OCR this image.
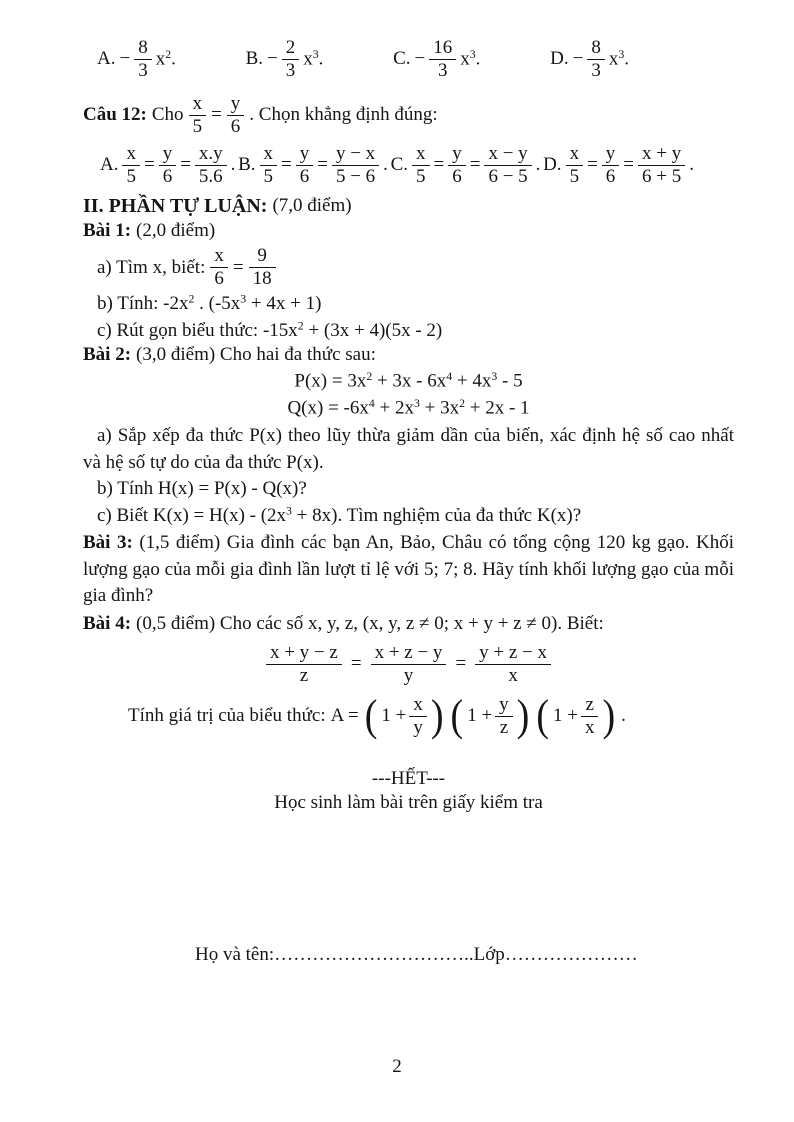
A. − $\frac{8}{3} x^2$.	B. − $\frac{2}{3} x^3$.	C. − $\frac{16}{3} x^3$.	D. − $\frac{8}{3} x^3$.
Câu 12: Cho $\frac{x}{5} = \frac{y}{6}$ . Chọn khẳng định đúng:
A. $\frac{x}{5} = \frac{y}{6} = \frac{x.y}{5.6}$ . B. $\frac{x}{5} = \frac{y}{6} = \frac{y - x}{5 - 6}$ . C. $\frac{x}{5} = \frac{y}{6} = \frac{x - y}{6 - 5}$ . D. $\frac{x}{5} = \frac{y}{6} = \frac{x + y}{6 + 5}$ .
II. PHẦN TỰ LUẬN: (7,0 điểm)
Bài 1: (2,0 điểm)
a) Tìm x, biết: $\frac{x}{6} = \frac{9}{18}$
b) Tính: $-2x^2$ . $(-5x^3 + 4x + 1)$
c) Rút gọn biểu thức: $-15x^2 + (3x + 4)(5x - 2)$
Bài 2: (3,0 điểm) Cho hai đa thức sau:
$P(x) = 3x^2 + 3x - 6x^4 + 4x^3 - 5$
$Q(x) = -6x^4 + 2x^3 + 3x^2 + 2x - 1$
a) Sắp xếp đa thức P(x) theo lũy thừa giảm dần của biến, xác định hệ số cao nhất
và hệ số tự do của đa thức P(x).
b) Tính H(x) = P(x) - Q(x)?
c) Biết $K(x) = H(x) - (2x^3 + 8x)$. Tìm nghiệm của đa thức K(x)?
Bài 3: (1,5 điểm) Gia đình các bạn An, Bảo, Châu có tổng cộng 120 kg gạo. Khối
lượng gạo của mỗi gia đình lần lượt tỉ lệ với 5; 7; 8. Hãy tính khối lượng gạo của mỗi
gia đình?
Bài 4: (0,5 điểm) Cho các số x, y, z, (x, y, z ≠ 0; x + y + z ≠ 0). Biết:
$\frac{x + y - z}{z} = \frac{x + z - y}{y} = \frac{y + z - x}{x}$
Tính giá trị của biểu thức: A = ( $1 + \frac{x}{y}$ ) ( $1 + \frac{y}{z}$ ) ( $1 + \frac{z}{x}$ ) .
---HẾT---
Học sinh làm bài trên giấy kiểm tra
Họ và tên:…………………………..Lớp…………………
2
